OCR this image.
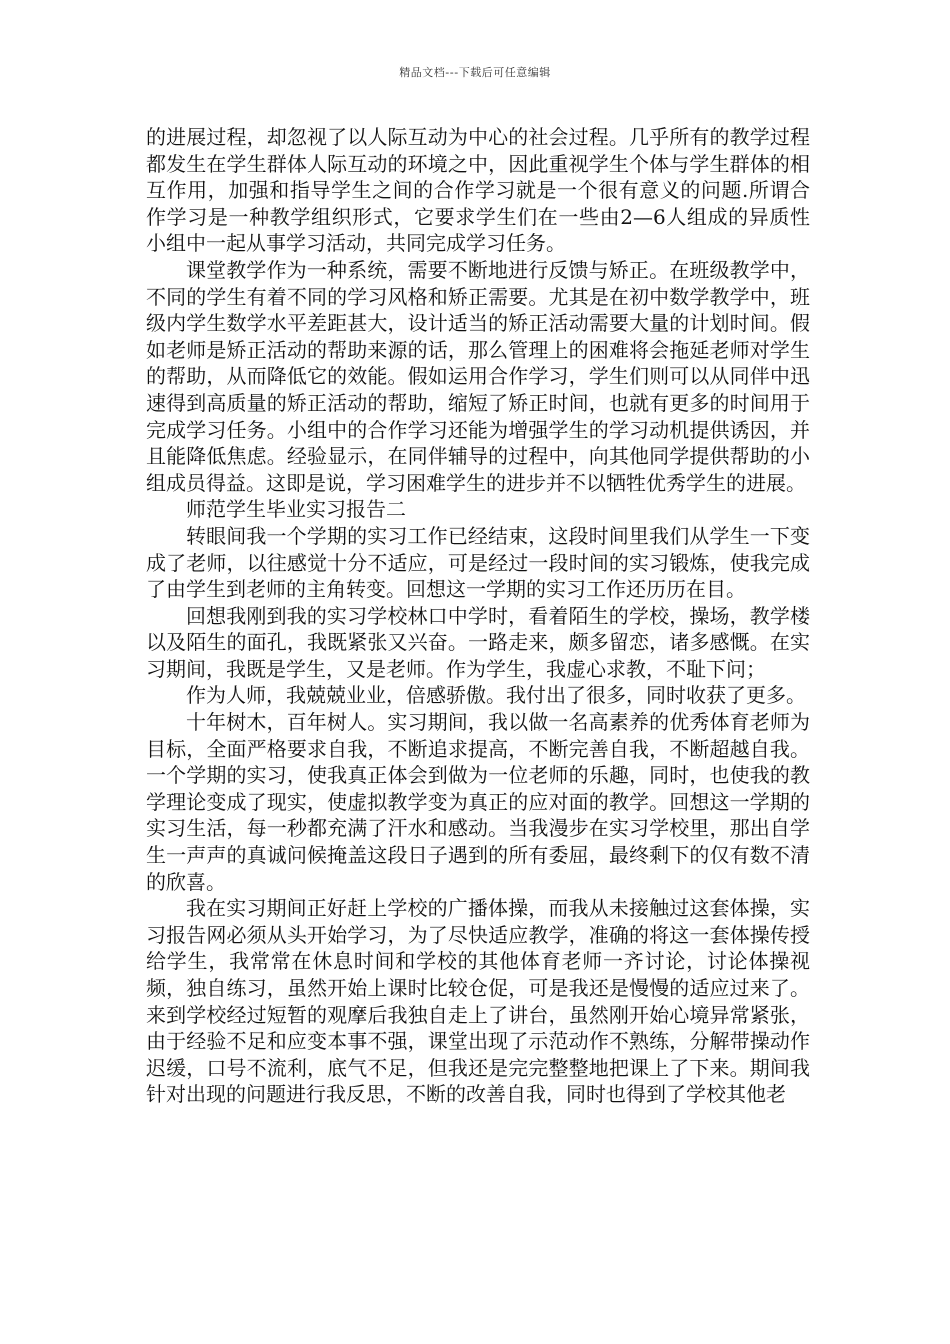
精品文档---下载后可任意编辑

的进展过程，却忽视了以人际互动为中心的社会过程。几乎所有的教学过程都发生在学生群体人际互动的环境之中，因此重视学生个体与学生群体的相互作用，加强和指导学生之间的合作学习就是一个很有意义的问题.所谓合作学习是一种教学组织形式，它要求学生们在一些由2—6人组成的异质性小组中一起从事学习活动，共同完成学习任务。

课堂教学作为一种系统，需要不断地进行反馈与矫正。在班级教学中，不同的学生有着不同的学习风格和矫正需要。尤其是在初中数学教学中，班级内学生数学水平差距甚大，设计适当的矫正活动需要大量的计划时间。假如老师是矫正活动的帮助来源的话，那么管理上的困难将会拖延老师对学生的帮助，从而降低它的效能。假如运用合作学习，学生们则可以从同伴中迅速得到高质量的矫正活动的帮助，缩短了矫正时间，也就有更多的时间用于完成学习任务。小组中的合作学习还能为增强学生的学习动机提供诱因，并且能降低焦虑。经验显示，在同伴辅导的过程中，向其他同学提供帮助的小组成员得益。这即是说，学习困难学生的进步并不以牺牲优秀学生的进展。

师范学生毕业实习报告二

转眼间我一个学期的实习工作已经结束，这段时间里我们从学生一下变成了老师，以往感觉十分不适应，可是经过一段时间的实习锻炼，使我完成了由学生到老师的主角转变。回想这一学期的实习工作还历历在目。

回想我刚到我的实习学校林口中学时，看着陌生的学校，操场，教学楼以及陌生的面孔，我既紧张又兴奋。一路走来，颇多留恋，诸多感慨。在实习期间，我既是学生，又是老师。作为学生，我虚心求教，不耻下问；

作为人师，我兢兢业业，倍感骄傲。我付出了很多，同时收获了更多。

十年树木，百年树人。实习期间，我以做一名高素养的优秀体育老师为目标，全面严格要求自我，不断追求提高，不断完善自我，不断超越自我。一个学期的实习，使我真正体会到做为一位老师的乐趣，同时，也使我的教学理论变成了现实，使虚拟教学变为真正的应对面的教学。回想这一学期的实习生活，每一秒都充满了汗水和感动。当我漫步在实习学校里，那出自学生一声声的真诚问候掩盖这段日子遇到的所有委屈，最终剩下的仅有数不清的欣喜。

我在实习期间正好赶上学校的广播体操，而我从未接触过这套体操，实习报告网必须从头开始学习，为了尽快适应教学，准确的将这一套体操传授给学生，我常常在休息时间和学校的其他体育老师一齐讨论，讨论体操视频，独自练习，虽然开始上课时比较仓促，可是我还是慢慢的适应过来了。来到学校经过短暂的观摩后我独自走上了讲台，虽然刚开始心境异常紧张，由于经验不足和应变本事不强，课堂出现了示范动作不熟练，分解带操动作迟缓，口号不流利，底气不足，但我还是完完整整地把课上了下来。期间我针对出现的问题进行我反思，不断的改善自我，同时也得到了学校其他老
